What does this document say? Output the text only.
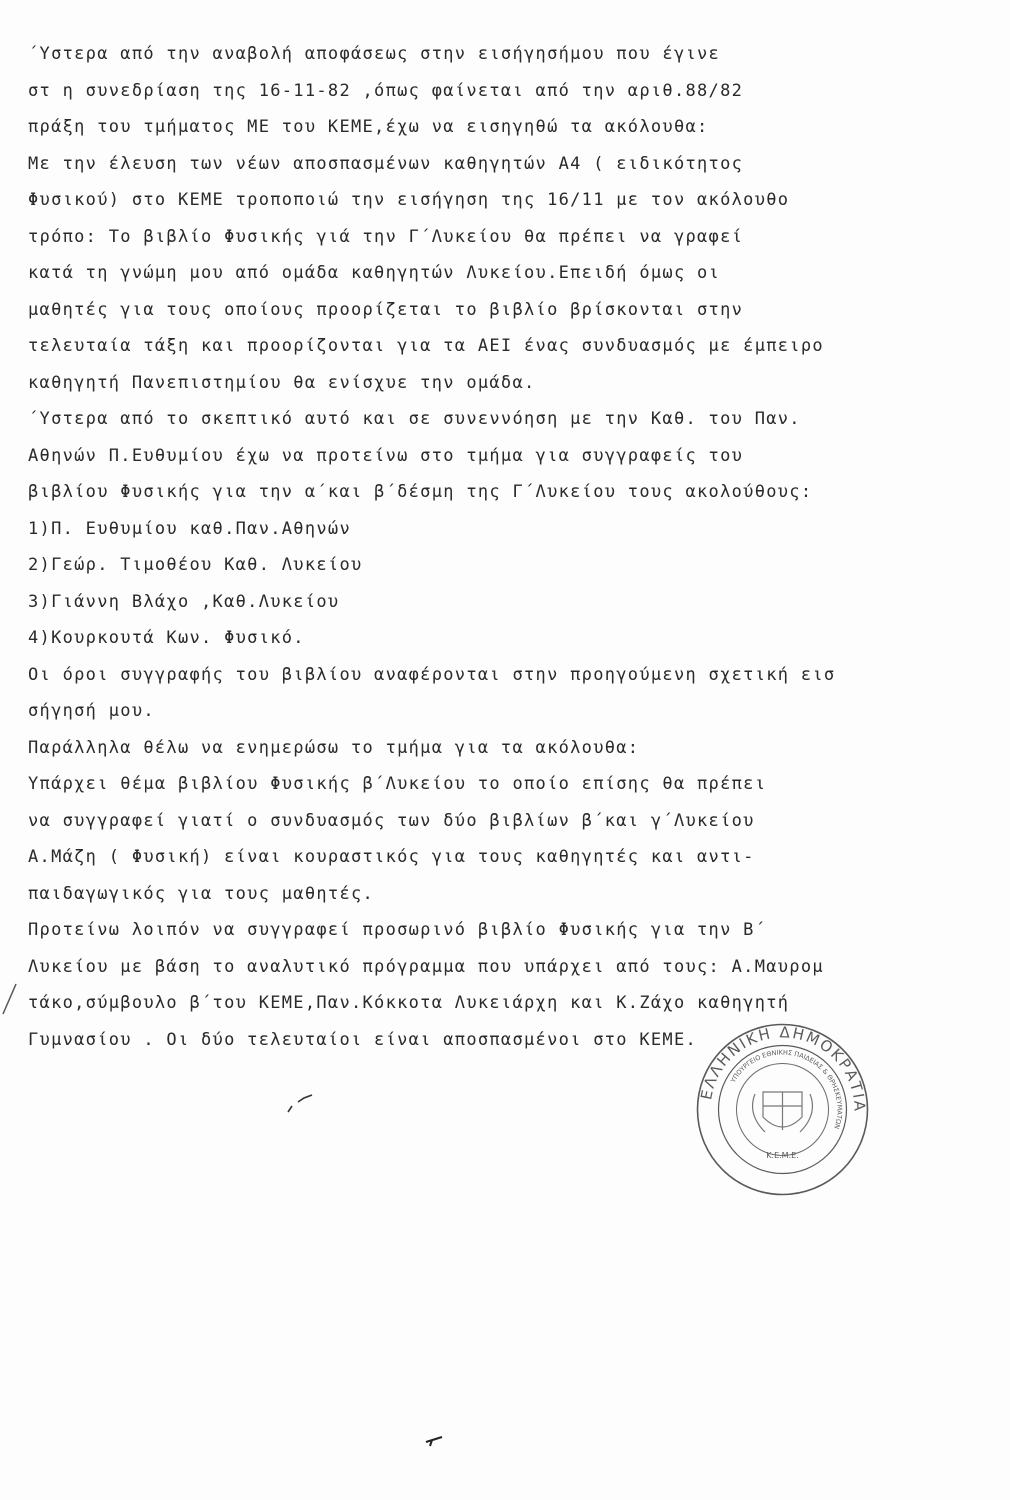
΄Υστερα από την αναβολή αποφάσεως στην εισήγησήμου που έγινε
στ η συνεδρίαση της 16-11-82 ,όπως φαίνεται από την αριθ.88/82
πράξη του τμήματος ΜΕ του ΚΕΜΕ,έχω να εισηγηθώ τα ακόλουθα:
Με την έλευση των νέων αποσπασμένων καθηγητών Α4 ( ειδικότητος
Φυσικού) στο ΚΕΜΕ τροποποιώ την εισήγηση της 16/11 με τον ακόλουθο
τρόπο: Το βιβλίο Φυσικής γιά την Γ΄Λυκείου θα πρέπει να γραφεί
κατά τη γνώμη μου από ομάδα καθηγητών Λυκείου.Επειδή όμως οι
μαθητές για τους οποίους προορίζεται το βιβλίο βρίσκονται στην
τελευταία τάξη και προορίζονται για τα ΑΕΙ ένας συνδυασμός με έμπειρο
καθηγητή Πανεπιστημίου θα ενίσχυε την ομάδα.
΄Υστερα από το σκεπτικό αυτό και σε συνεννόηση με την Καθ. του Παν.
Αθηνών Π.Ευθυμίου έχω να προτείνω στο τμήμα για συγγραφείς του
βιβλίου Φυσικής για την α΄και β΄δέσμη της Γ΄Λυκείου τους ακολούθους:
1)Π. Ευθυμίου καθ.Παν.Αθηνών
2)Γεώρ. Τιμοθέου Καθ. Λυκείου
3)Γιάννη Βλάχο ,Καθ.Λυκείου
4)Κουρκουτά Κων. Φυσικό.
Οι όροι συγγραφής του βιβλίου αναφέρονται στην προηγούμενη σχετική εισ
σήγησή μου.
Παράλληλα θέλω να ενημερώσω το τμήμα για τα ακόλουθα:
Υπάρχει θέμα βιβλίου Φυσικής β΄Λυκείου το οποίο επίσης θα πρέπει
να συγγραφεί γιατί ο συνδυασμός των δύο βιβλίων β΄και γ΄Λυκείου
Α.Μάζη ( Φυσική) είναι κουραστικός για τους καθηγητές και αντι-
παιδαγωγικός για τους μαθητές.
Προτείνω λοιπόν να συγγραφεί προσωρινό βιβλίο Φυσικής για την Β΄
Λυκείου με βάση το αναλυτικό πρόγραμμα που υπάρχει από τους: Α.Μαυρομ
τάκο,σύμβουλο β΄του ΚΕΜΕ,Παν.Κόκκοτα Λυκειάρχη και Κ.Ζάχο καθηγητή
Γυμνασίου . Οι δύο τελευταίοι είναι αποσπασμένοι στο ΚΕΜΕ.
ΕΛΛΗΝΙΚΗ ΔΗΜΟΚΡΑΤΙΑ
ΥΠΟΥΡΓΕΙΟ ΕΘΝΙΚΗΣ ΠΑΙΔΕΙΑΣ & ΘΡΗΣΚΕΥΜΑΤΩΝ
Κ.Ε.Μ.Ε.
